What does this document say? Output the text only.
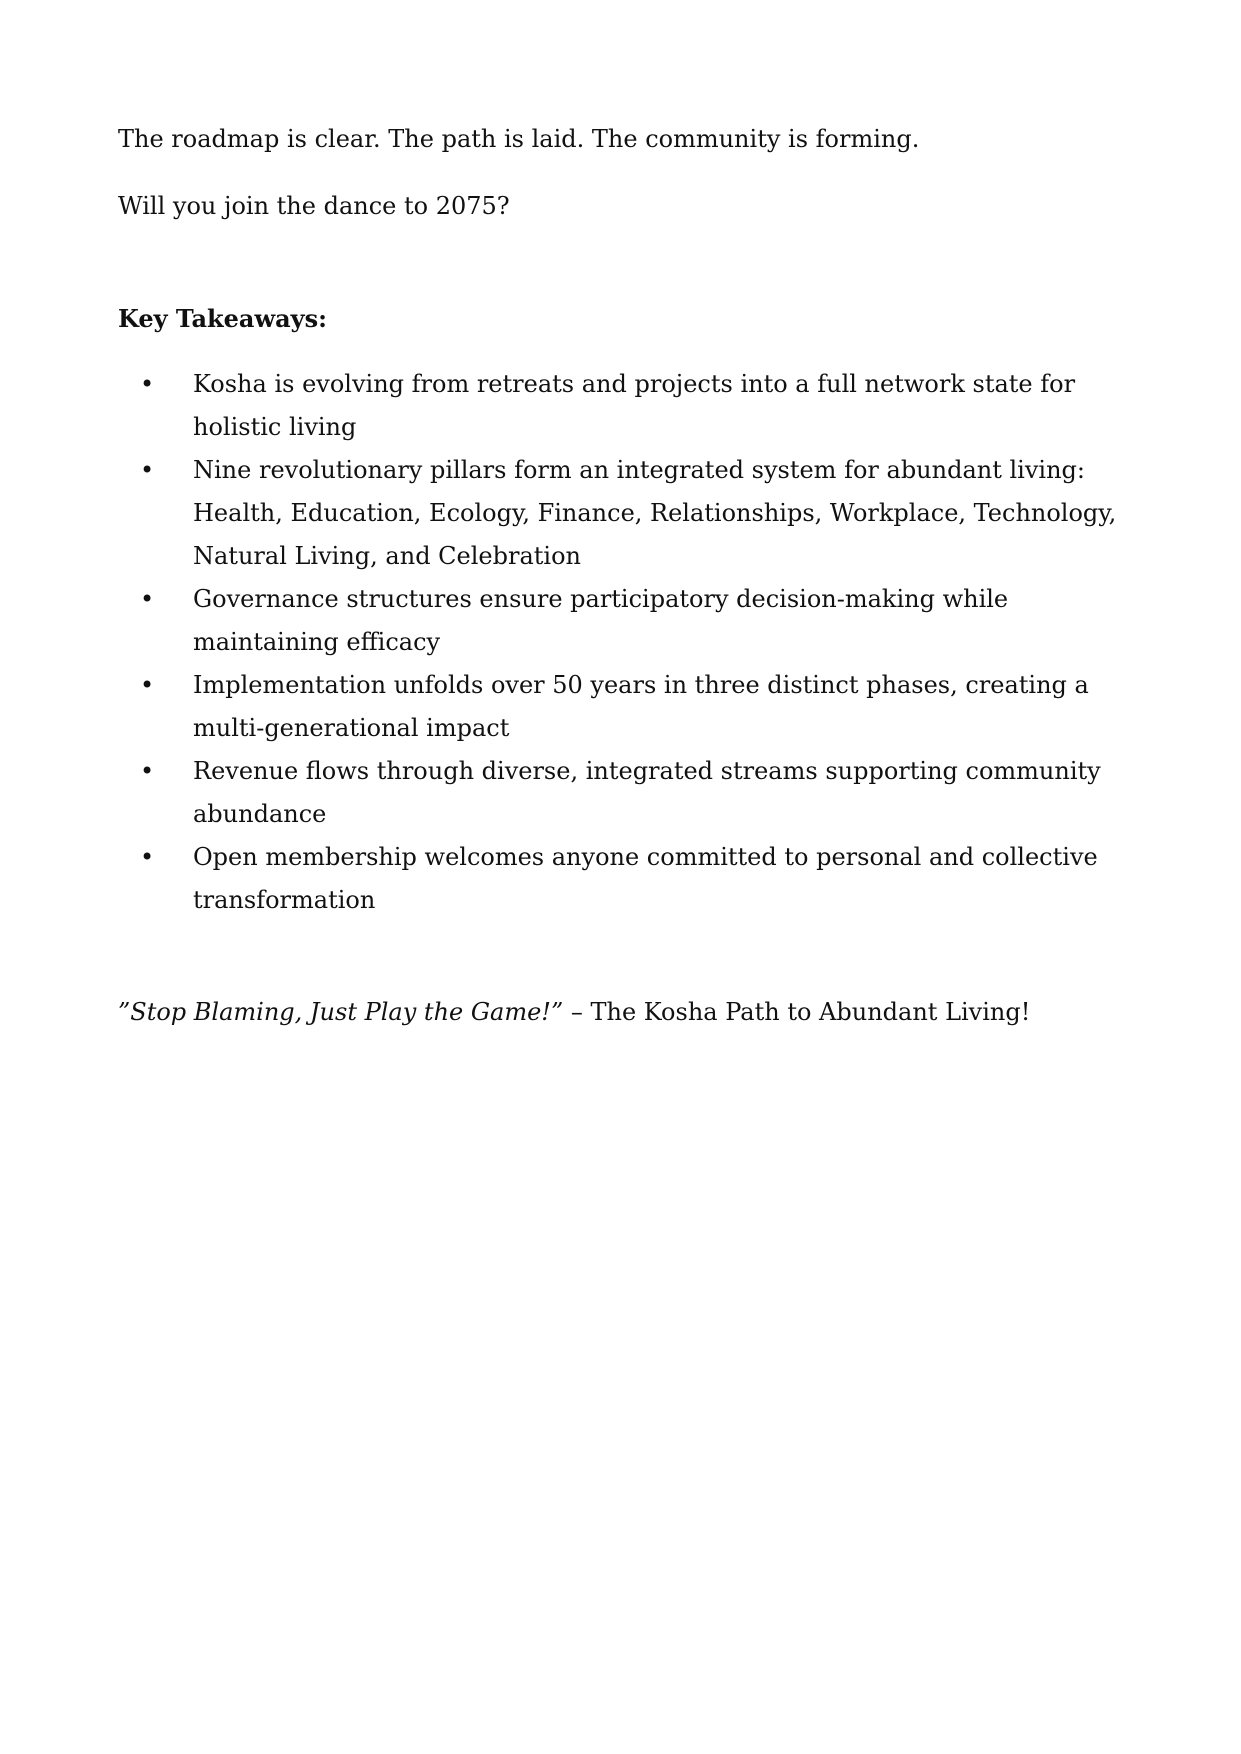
The roadmap is clear. The path is laid. The community is forming.

Will you join the dance to 2075?

Key Takeaways:

• Kosha is evolving from retreats and projects into a full network state for holistic living
• Nine revolutionary pillars form an integrated system for abundant living: Health, Education, Ecology, Finance, Relationships, Workplace, Technology, Natural Living, and Celebration
• Governance structures ensure participatory decision-making while maintaining efficacy
• Implementation unfolds over 50 years in three distinct phases, creating a multi-generational impact
• Revenue flows through diverse, integrated streams supporting community abundance
• Open membership welcomes anyone committed to personal and collective transformation

”Stop Blaming, Just Play the Game!” – The Kosha Path to Abundant Living!
